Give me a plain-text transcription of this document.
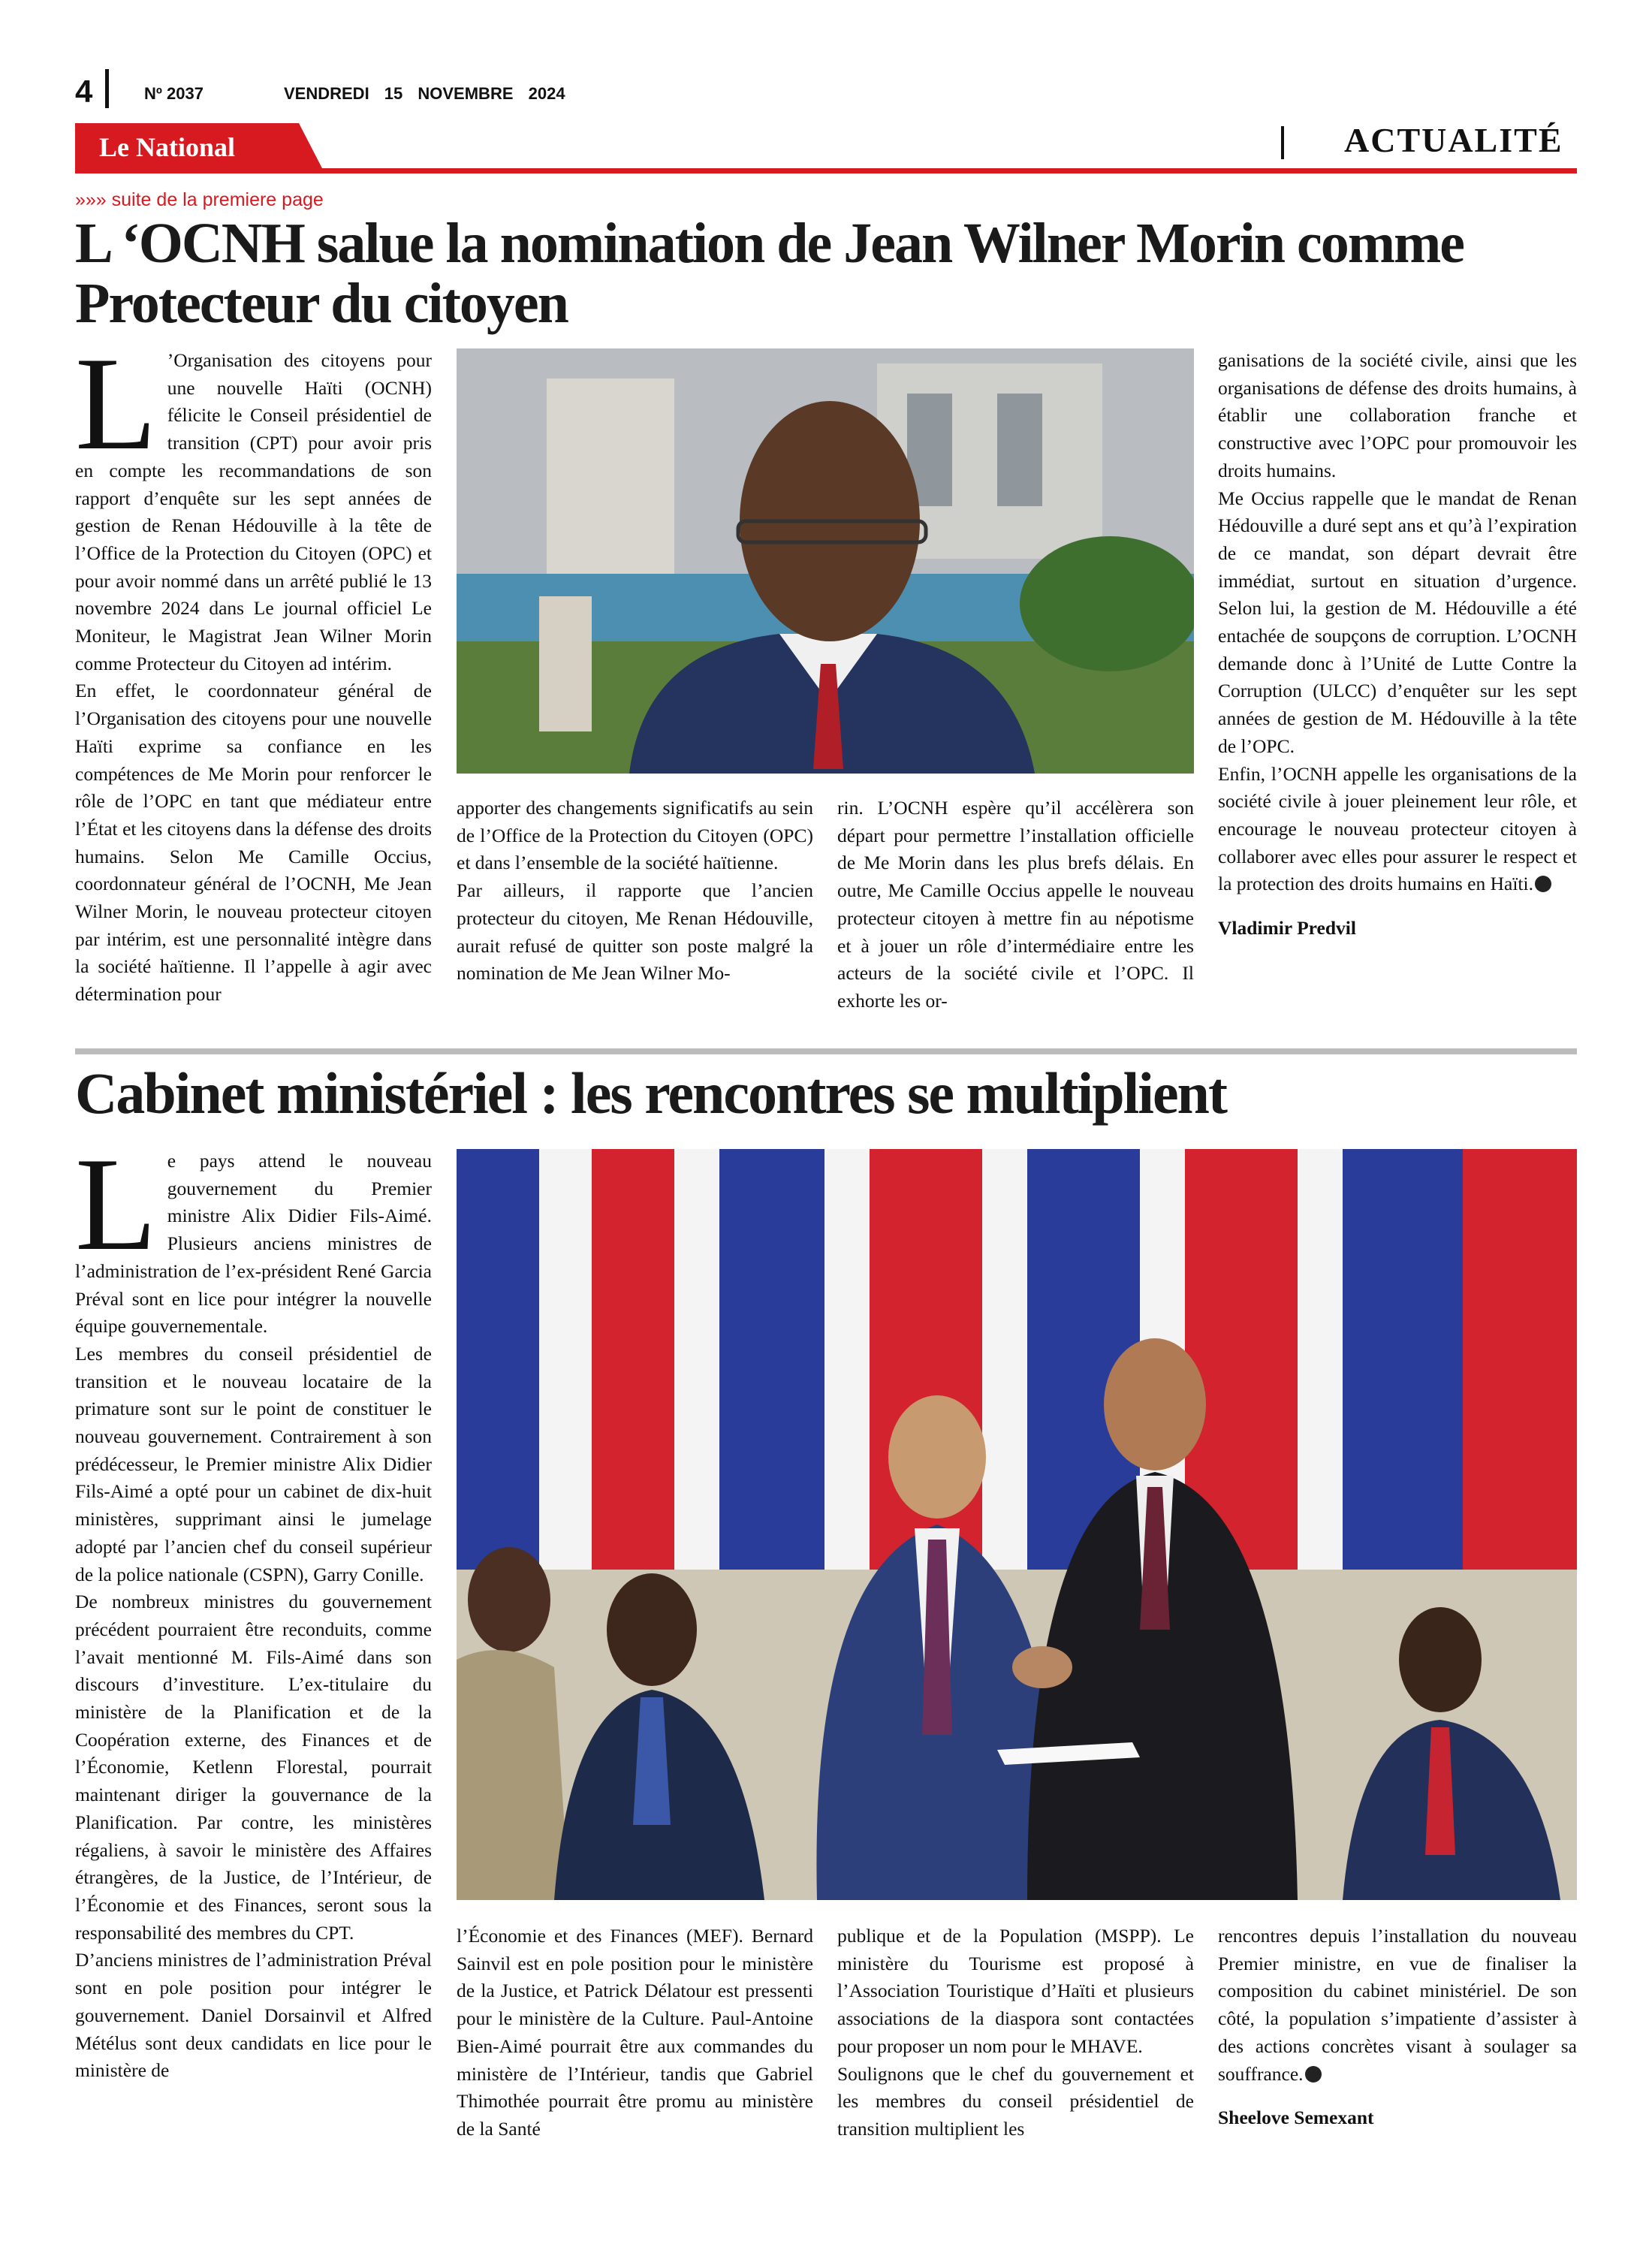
4	Nº 2037	VENDREDI 15 NOVEMBRE 2024
Le National	ACTUALITÉ
»»» suite de la premiere page
L ‘OCNH salue la nomination de Jean Wilner Morin comme Protecteur du citoyen
L ’Organisation des citoyens pour une nouvelle Haïti (OCNH) félicite le Conseil présidentiel de transition (CPT) pour avoir pris en compte les recommandations de son rapport d’enquête sur les sept années de gestion de Renan Hédouville à la tête de l’Office de la Protection du Citoyen (OPC) et pour avoir nommé dans un arrêté publié le 13 novembre 2024 dans Le journal officiel Le Moniteur, le Magistrat Jean Wilner Morin comme Protecteur du Citoyen ad intérim.

En effet, le coordonnateur général de l’Organisation des citoyens pour une nouvelle Haïti exprime sa confiance en les compétences de Me Morin pour renforcer le rôle de l’OPC en tant que médiateur entre l’État et les citoyens dans la défense des droits humains. Selon Me Camille Occius, coordonnateur général de l’OCNH, Me Jean Wilner Morin, le nouveau protecteur citoyen par intérim, est une personnalité intègre dans la société haïtienne. Il l’appelle à agir avec détermination pour

apporter des changements significatifs au sein de l’Office de la Protection du Citoyen (OPC) et dans l’ensemble de la société haïtienne.

Par ailleurs, il rapporte que l’ancien protecteur du citoyen, Me Renan Hédouville, aurait refusé de quitter son poste malgré la nomination de Me Jean Wilner Mo-

rin. L’OCNH espère qu’il accélèrera son départ pour permettre l’installation officielle de Me Morin dans les plus brefs délais. En outre, Me Camille Occius appelle le nouveau protecteur citoyen à mettre fin au népotisme et à jouer un rôle d’intermédiaire entre les acteurs de la société civile et l’OPC. Il exhorte les or-

ganisations de la société civile, ainsi que les organisations de défense des droits humains, à établir une collaboration franche et constructive avec l’OPC pour promouvoir les droits humains.

Me Occius rappelle que le mandat de Renan Hédouville a duré sept ans et qu’à l’expiration de ce mandat, son départ devrait être immédiat, surtout en situation d’urgence. Selon lui, la gestion de M. Hédouville a été entachée de soupçons de corruption. L’OCNH demande donc à l’Unité de Lutte Contre la Corruption (ULCC) d’enquêter sur les sept années de gestion de M. Hédouville à la tête de l’OPC.

Enfin, l’OCNH appelle les organisations de la société civile à jouer pleinement leur rôle, et encourage le nouveau protecteur citoyen à collaborer avec elles pour assurer le respect et la protection des droits humains en Haïti.

Vladimir Predvil

Cabinet ministériel : les rencontres se multiplient
L e pays attend le nouveau gouvernement du Premier ministre Alix Didier Fils-Aimé. Plusieurs anciens ministres de l’administration de l’ex-président René Garcia Préval sont en lice pour intégrer la nouvelle équipe gouvernementale.

Les membres du conseil présidentiel de transition et le nouveau locataire de la primature sont sur le point de constituer le nouveau gouvernement. Contrairement à son prédécesseur, le Premier ministre Alix Didier Fils-Aimé a opté pour un cabinet de dix-huit ministères, supprimant ainsi le jumelage adopté par l’ancien chef du conseil supérieur de la police nationale (CSPN), Garry Conille.

De nombreux ministres du gouvernement précédent pourraient être reconduits, comme l’avait mentionné M. Fils-Aimé dans son discours d’investiture. L’ex-titulaire du ministère de la Planification et de la Coopération externe, des Finances et de l’Économie, Ketlenn Florestal, pourrait maintenant diriger la gouvernance de la Planification. Par contre, les ministères régaliens, à savoir le ministère des Affaires étrangères, de la Justice, de l’Intérieur, de l’Économie et des Finances, seront sous la responsabilité des membres du CPT.

D’anciens ministres de l’administration Préval sont en pole position pour intégrer le gouvernement. Daniel Dorsainvil et Alfred Métélus sont deux candidats en lice pour le ministère de

l’Économie et des Finances (MEF). Bernard Sainvil est en pole position pour le ministère de la Justice, et Patrick Délatour est pressenti pour le ministère de la Culture. Paul-Antoine Bien-Aimé pourrait être aux commandes du ministère de l’Intérieur, tandis que Gabriel Thimothée pourrait être promu au ministère de la Santé

publique et de la Population (MSPP). Le ministère du Tourisme est proposé à l’Association Touristique d’Haïti et plusieurs associations de la diaspora sont contactées pour proposer un nom pour le MHAVE.

Soulignons que le chef du gouvernement et les membres du conseil présidentiel de transition multiplient les

rencontres depuis l’installation du nouveau Premier ministre, en vue de finaliser la composition du cabinet ministériel. De son côté, la population s’impatiente d’assister à des actions concrètes visant à soulager sa souffrance.

Sheelove Semexant
